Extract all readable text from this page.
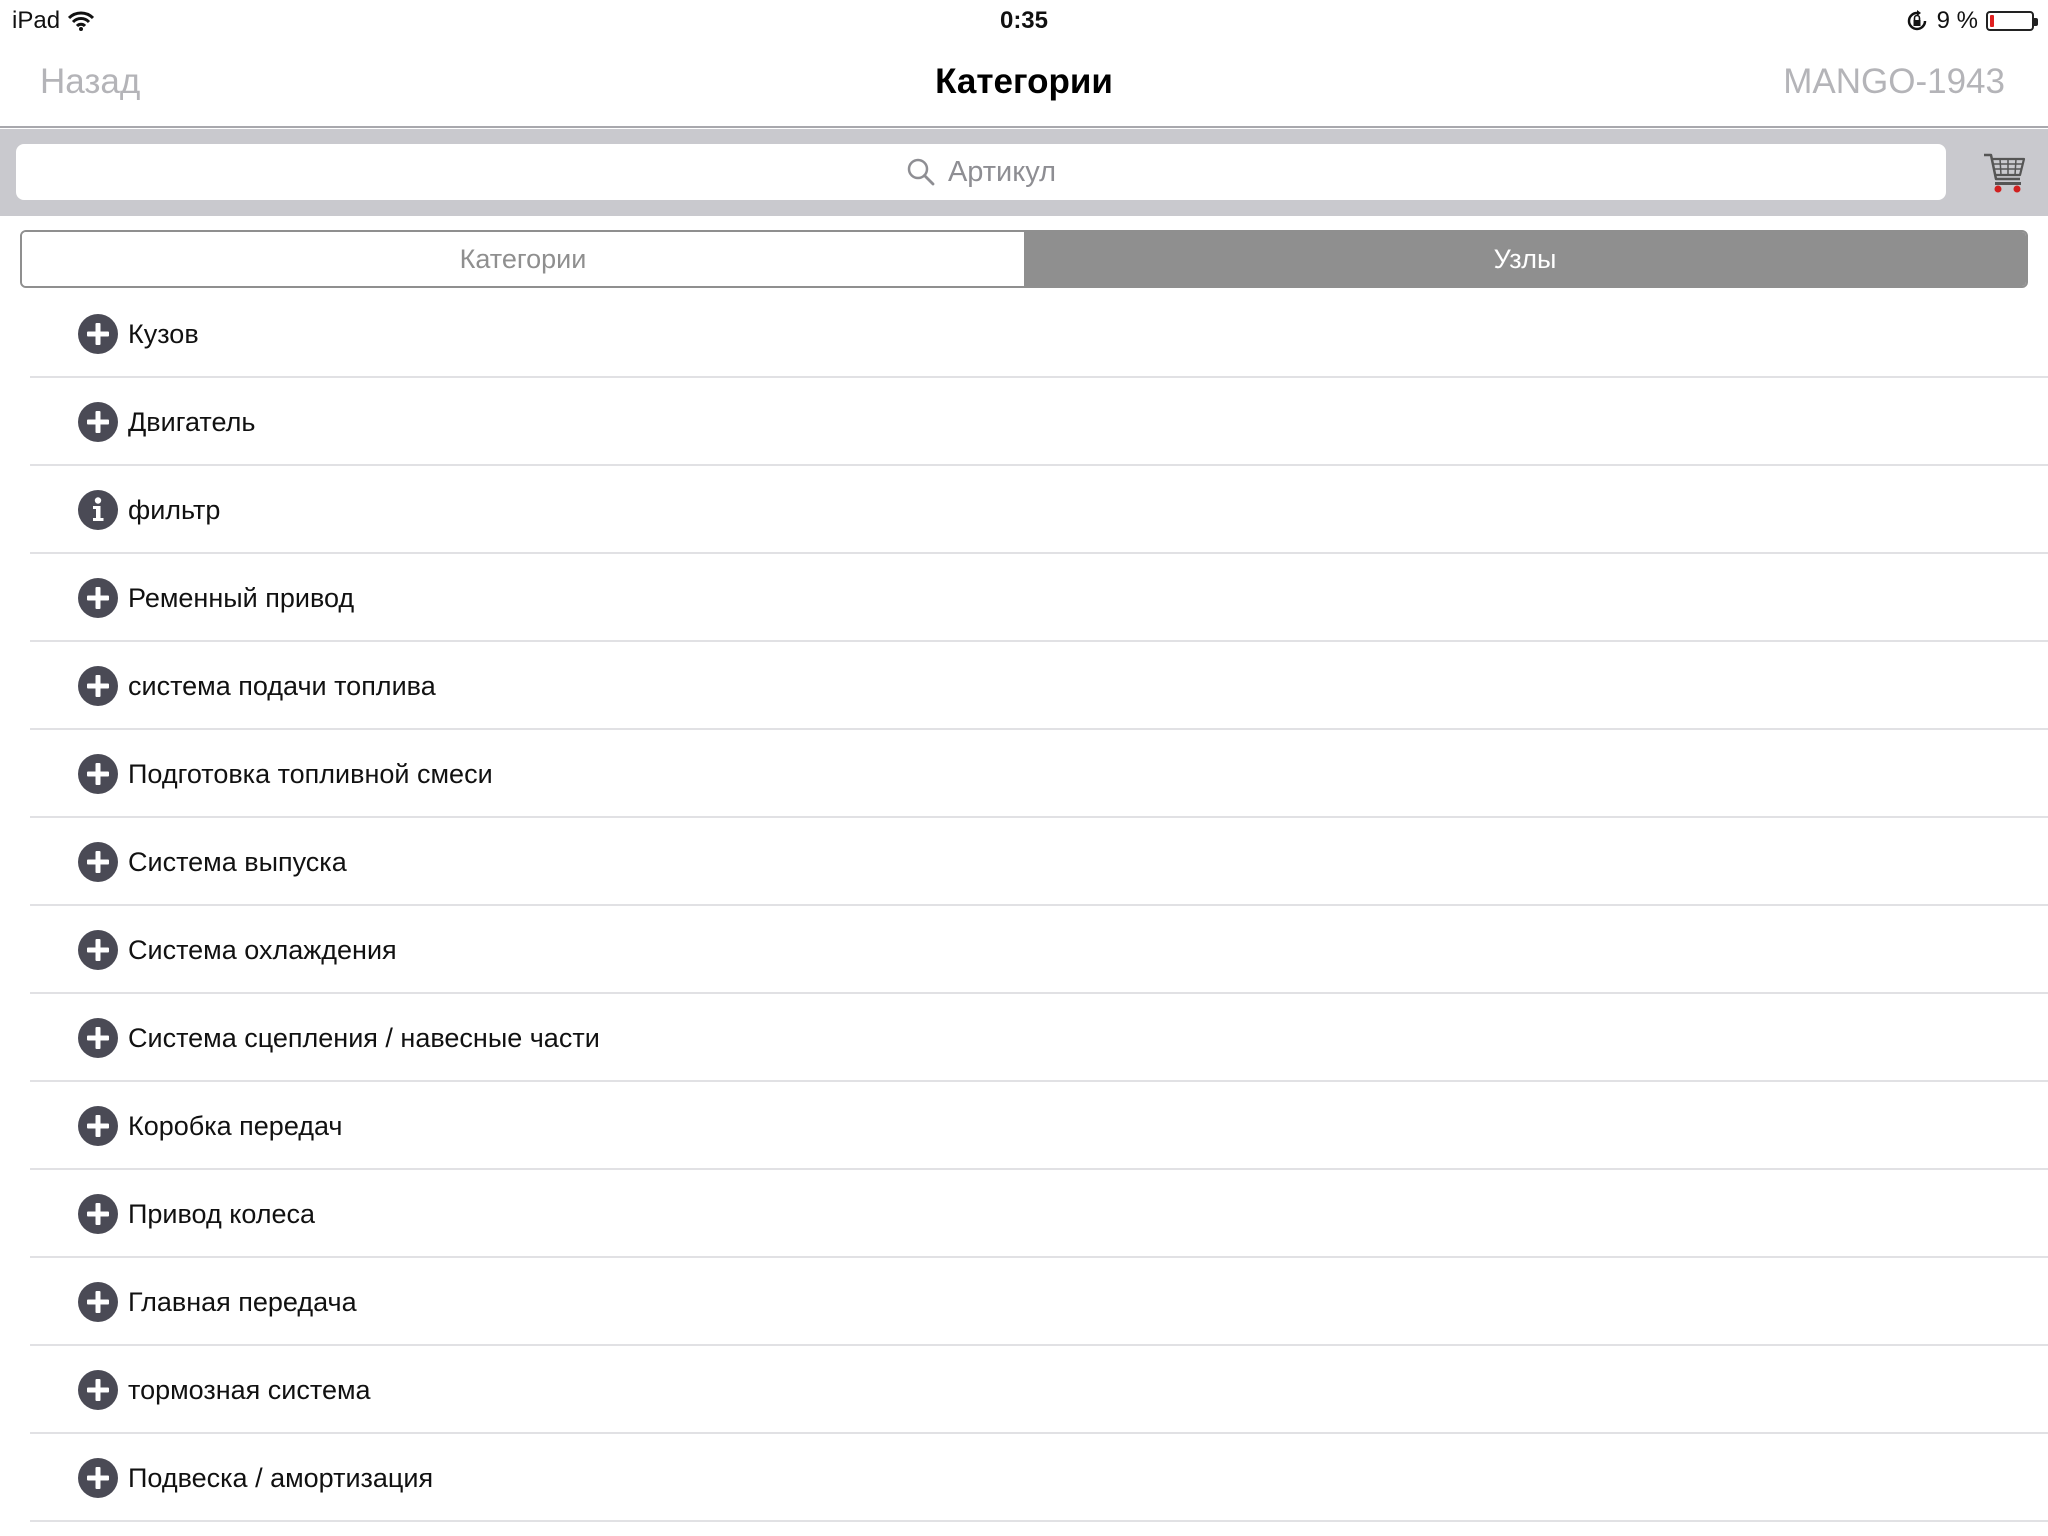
iPad	0:35	9 %
Назад	Категории	MANGO-1943
Артикул
Категории	Узлы
Кузов
Двигатель
фильтр
Ременный привод
система подачи топлива
Подготовка топливной смеси
Система выпуска
Система охлаждения
Система сцепления / навесные части
Коробка передач
Привод колеса
Главная передача
тормозная система
Подвеска / амортизация
